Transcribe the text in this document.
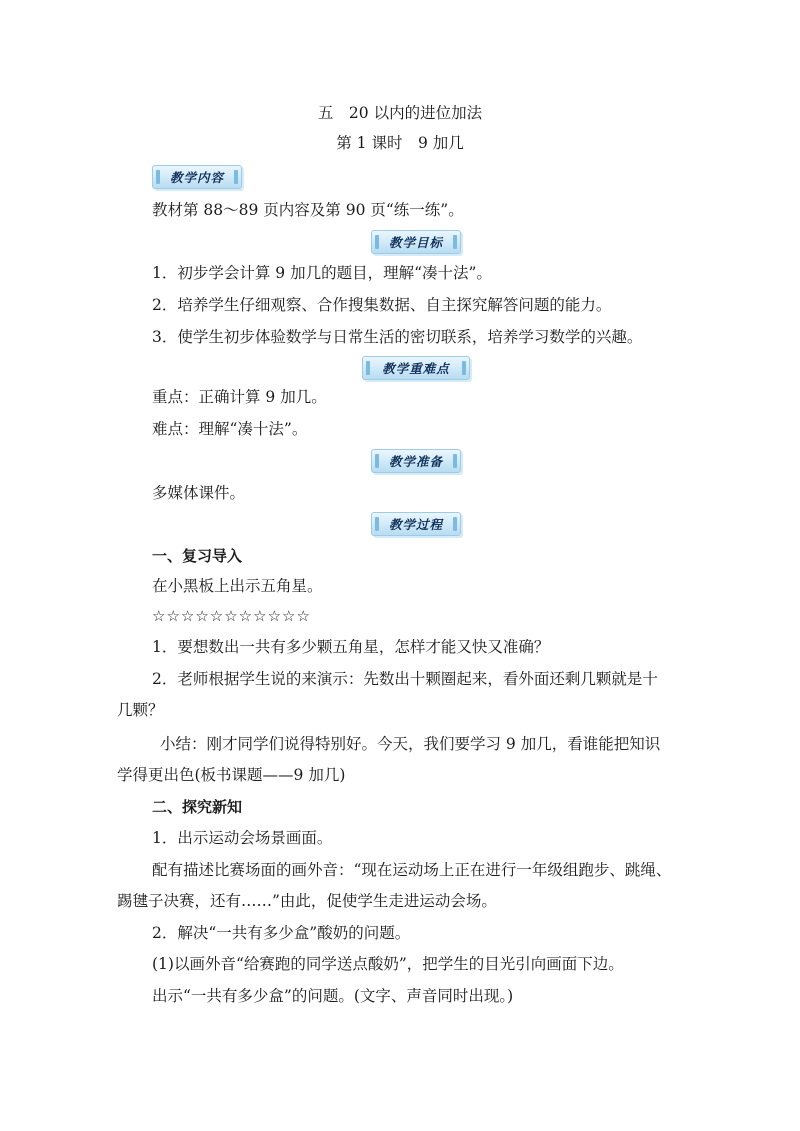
五　20 以内的进位加法
第 1 课时　9 加几
教学内容
教材第 88～89 页内容及第 90 页“练一练”。
教学目标
1．初步学会计算 9 加几的题目，理解“凑十法”。
2．培养学生仔细观察、合作搜集数据、自主探究解答问题的能力。
3．使学生初步体验数学与日常生活的密切联系，培养学习数学的兴趣。
教学重难点
重点：正确计算 9 加几。
难点：理解“凑十法”。
教学准备
多媒体课件。
教学过程
一、复习导入
在小黑板上出示五角星。
☆☆☆☆☆☆☆☆☆☆☆
1．要想数出一共有多少颗五角星，怎样才能又快又准确？
2．老师根据学生说的来演示：先数出十颗圈起来，看外面还剩几颗就是十
几颗？
小结：刚才同学们说得特别好。今天，我们要学习 9 加几，看谁能把知识
学得更出色(板书课题——9 加几)
二、探究新知
1．出示运动会场景画面。
配有描述比赛场面的画外音：“现在运动场上正在进行一年级组跑步、跳绳、
踢毽子决赛，还有……”由此，促使学生走进运动会场。
2．解决“一共有多少盒”酸奶的问题。
(1)以画外音“给赛跑的同学送点酸奶”，把学生的目光引向画面下边。
出示“一共有多少盒”的问题。(文字、声音同时出现。)
